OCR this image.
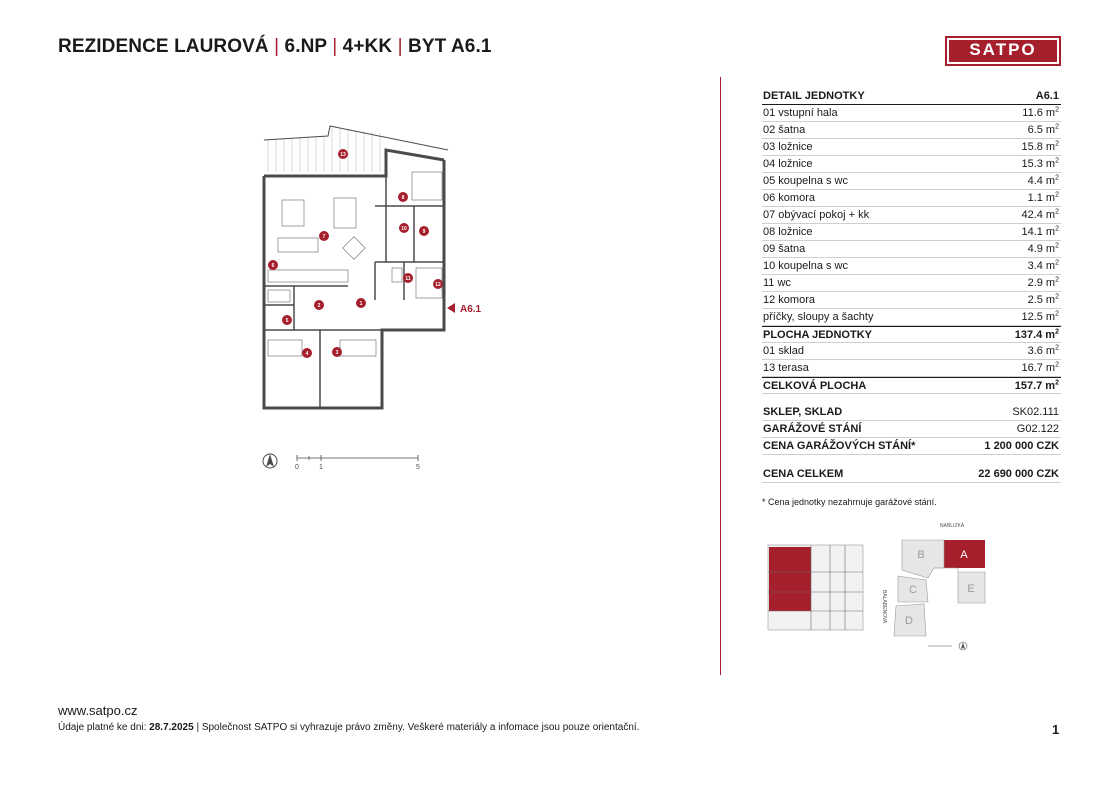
REZIDENCE LAUROVÁ | 6.NP | 4+KK | BYT A6.1	SATPO
1
2
3
4
5
6
7
8
9
10
11
12
13
A6.1
0	1	5
DETAIL JEDNOTKY	A6.1
01 vstupní hala	11.6 $m^2$
02 šatna	6.5 $m^2$
03 ložnice	15.8 $m^2$
04 ložnice	15.3 $m^2$
05 koupelna s wc	4.4 $m^2$
06 komora	1.1 $m^2$
07 obývací pokoj + kk	42.4 $m^2$
08 ložnice	14.1 $m^2$
09 šatna	4.9 $m^2$
10 koupelna s wc	3.4 $m^2$
11 wc	2.9 $m^2$
12 komora	2.5 $m^2$
příčky, sloupy a šachty	12.5 $m^2$
PLOCHA JEDNOTKY	137.4 $m^2$
01 sklad	3.6 $m^2$
13 terasa	16.7 $m^2$
CELKOVÁ PLOCHA	157.7 $m^2$
SKLEP, SKLAD	SK02.111
GARÁŽOVÉ STÁNÍ	G02.122
CENA GARÁŽOVÝCH STÁNÍ*	1 200 000 CZK
CENA CELKEM	22 690 000 CZK
* Cena jednotky nezahrnuje garážové stání.
NABLIZKÁ
BALABENOVA
A
B
C
D
E
www.satpo.cz
Údaje platné ke dni: 28.7.2025 | Společnost SATPO si vyhrazuje právo změny. Veškeré materiály a infomace jsou pouze orientační.	1
